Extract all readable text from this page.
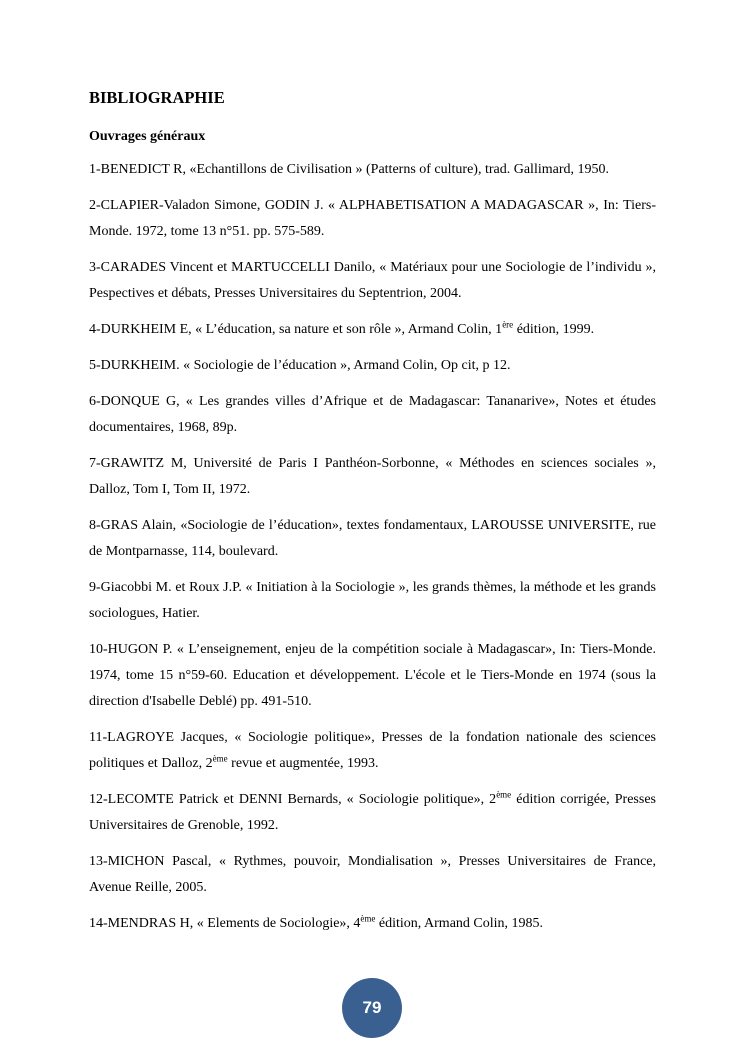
BIBLIOGRAPHIE
Ouvrages généraux
1-BENEDICT R, «Echantillons de Civilisation » (Patterns of culture), trad. Gallimard, 1950.
2-CLAPIER-Valadon Simone, GODIN J. « ALPHABETISATION A MADAGASCAR », In: Tiers-Monde. 1972, tome 13 n°51. pp. 575-589.
3-CARADES Vincent et MARTUCCELLI Danilo, « Matériaux pour une Sociologie de l’individu », Pespectives et débats, Presses Universitaires du Septentrion, 2004.
4-DURKHEIM E, « L’éducation, sa nature et son rôle », Armand Colin, 1ère édition, 1999.
5-DURKHEIM. « Sociologie de l’éducation », Armand Colin, Op cit, p 12.
6-DONQUE G, « Les grandes villes d’Afrique et de Madagascar: Tananarive», Notes et études documentaires, 1968, 89p.
7-GRAWITZ M, Université de Paris I Panthéon-Sorbonne, « Méthodes en sciences sociales », Dalloz, Tom I, Tom II, 1972.
8-GRAS Alain, «Sociologie de l’éducation», textes fondamentaux, LAROUSSE UNIVERSITE, rue de Montparnasse, 114, boulevard.
9-Giacobbi M. et Roux J.P. « Initiation à la Sociologie », les grands thèmes, la méthode et les grands sociologues, Hatier.
10-HUGON P. « L’enseignement, enjeu de la compétition sociale à Madagascar», In: Tiers-Monde. 1974, tome 15 n°59-60. Education et développement. L'école et le Tiers-Monde en 1974 (sous la direction d'Isabelle Deblé) pp. 491-510.
11-LAGROYE Jacques, « Sociologie politique», Presses de la fondation nationale des sciences politiques et Dalloz, 2ème revue et augmentée, 1993.
12-LECOMTE Patrick et DENNI Bernards, « Sociologie politique», 2ème édition corrigée, Presses Universitaires de Grenoble, 1992.
13-MICHON Pascal, « Rythmes, pouvoir, Mondialisation », Presses Universitaires de France, Avenue Reille, 2005.
14-MENDRAS H, « Elements de Sociologie», 4ème édition, Armand Colin, 1985.
79
